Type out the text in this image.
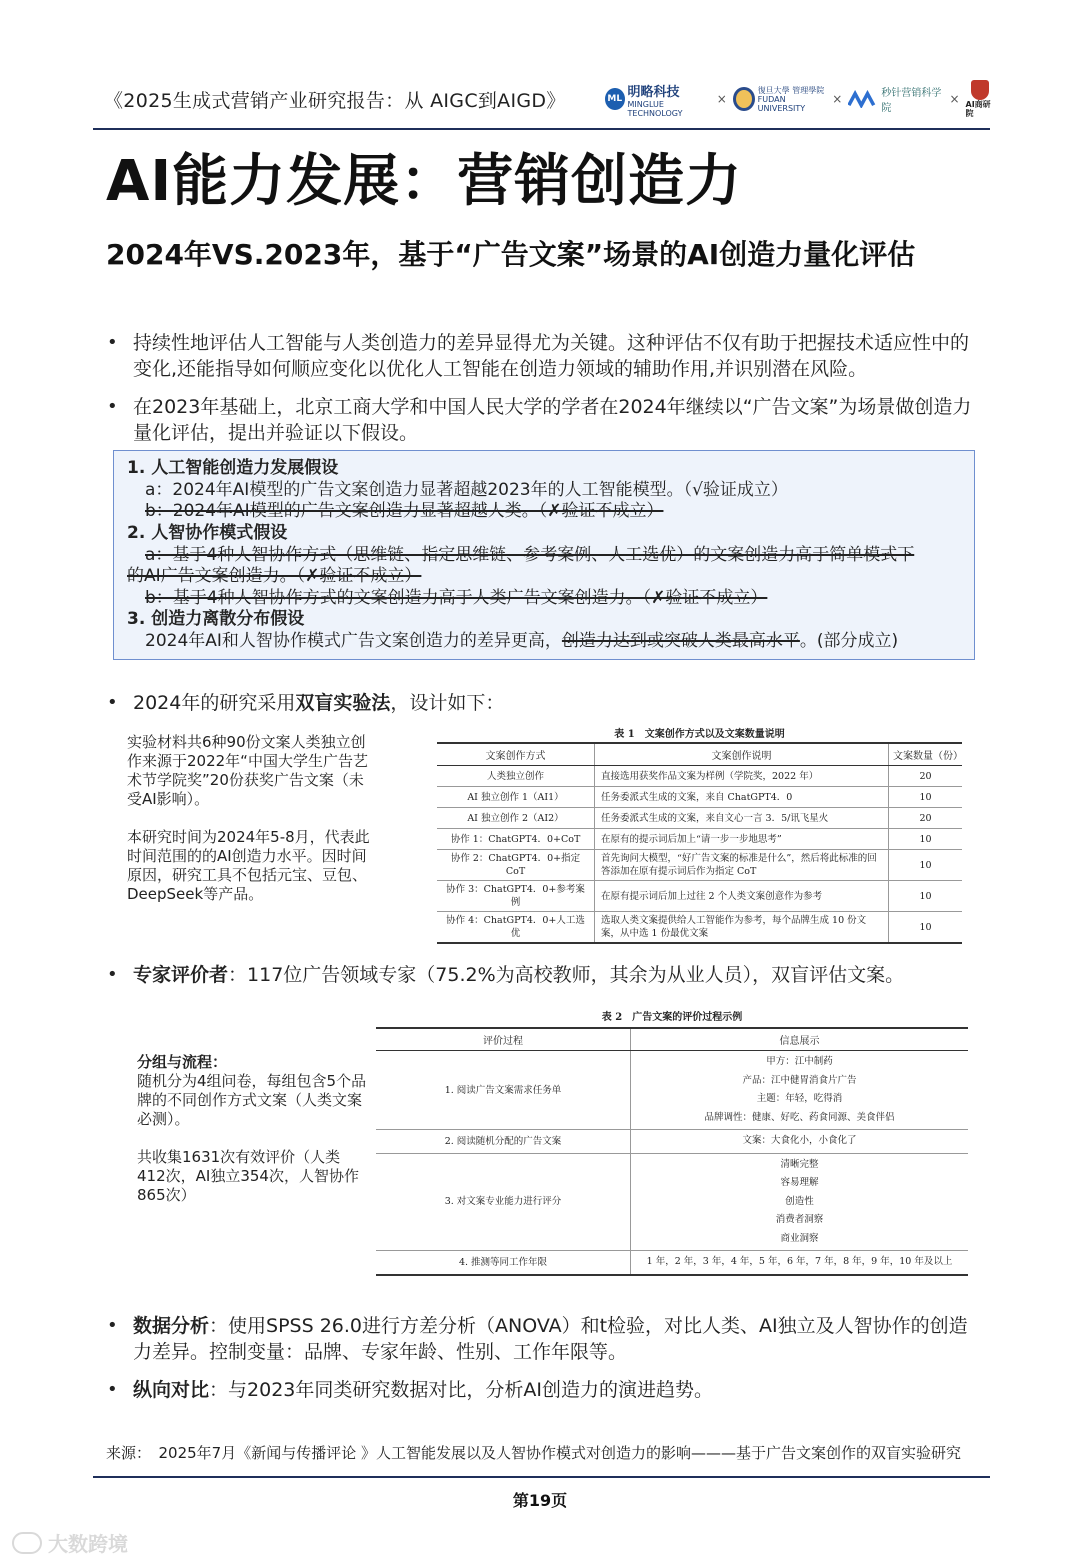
《2025生成式营销产业研究报告：从 AIGC到AIGD》	ML 明略科技
MINGLUE TECHNOLOGY
×
復旦大學 管理學院
FUDAN UNIVERSITY
×	秒针营销科学院
× AI商研院
AI能力发展：营销创造力
2024年VS.2023年，基于“广告文案”场景的AI创造力量化评估
• 持续性地评估人工智能与人类创造力的差异显得尤为关键。这种评估不仅有助于把握技术适应性中的变化,还能指导如何顺应变化以优化人工智能在创造力领域的辅助作用,并识别潜在风险。
• 在2023年基础上，北京工商大学和中国人民大学的学者在2024年继续以“广告文案”为场景做创造力量化评估，提出并验证以下假设。
1. 人工智能创造力发展假设
a：2024年AI模型的广告文案创造力显著超越2023年的人工智能模型。（√验证成立）
b：2024年AI模型的广告文案创造力显著超越人类。（✗验证不成立）
2. 人智协作模式假设
a：基于4种人智协作方式（思维链、指定思维链、参考案例、人工选优）的文案创造力高于简单模式下
的AI广告文案创造力。（✗验证不成立）
b：基于4种人智协作方式的文案创造力高于人类广告文案创造力。（✗验证不成立）
3. 创造力离散分布假设
2024年AI和人智协作模式广告文案创造力的差异更高，创造力达到或突破人类最高水平。(部分成立)
• 2024年的研究采用双盲实验法，设计如下：
实验材料共6种90份文案人类独立创作来源于2022年“中国大学生广告艺术节学院奖”20份获奖广告文案（未受AI影响）。
本研究时间为2024年5-8月，代表此时间范围的的AI创造力水平。因时间原因，研究工具不包括元宝、豆包、DeepSeek等产品。
表 1　文案创作方式以及文案数量说明
文案创作方式	文案创作说明	文案数量（份）
人类独立创作	直接选用获奖作品文案为样例（学院奖，2022 年）	20
AI 独立创作 1（AI1）	任务委派式生成的文案，来自 ChatGPT4．0	10
AI 独立创作 2（AI2）	任务委派式生成的文案，来自文心一言 3．5/讯飞星火	20
协作 1：ChatGPT4．0+CoT	在原有的提示词后加上“请一步一步地思考”	10
协作 2：ChatGPT4．0+指定 CoT	首先询问大模型，“好广告文案的标准是什么”，然后将此标准的回答添加在原有提示词后作为指定 CoT	10
协作 3：ChatGPT4．0+参考案例	在原有提示词后加上过往 2 个人类文案创意作为参考	10
协作 4：ChatGPT4．0+人工选优	选取人类文案提供给人工智能作为参考，每个品牌生成 10 份文案，从中选 1 份最优文案	10
• 专家评价者：117位广告领域专家（75.2%为高校教师，其余为从业人员），双盲评估文案。
分组与流程：
随机分为4组问卷，每组包含5个品牌的不同创作方式文案（人类文案必测）。
共收集1631次有效评价（人类412次，AI独立354次，人智协作865次）
表 2　广告文案的评价过程示例
评价过程	信息展示
1. 阅读广告文案需求任务单	甲方：江中制药
产品：江中健胃消食片广告
主题：年轻，吃得消
品牌调性：健康、好吃、药食同源、美食伴侣

2. 阅读随机分配的广告文案	文案：大食化小，小食化了

3. 对文案专业能力进行评分	清晰完整
容易理解
创造性
消费者洞察
商业洞察

4. 推测等同工作年限	1 年，2 年，3 年，4 年，5 年，6 年，7 年，8 年，9 年，10 年及以上
• 数据分析：使用SPSS 26.0进行方差分析（ANOVA）和t检验，对比人类、AI独立及人智协作的创造力差异。控制变量：品牌、专家年龄、性别、工作年限等。
• 纵向对比：与2023年同类研究数据对比，分析AI创造力的演进趋势。
来源：　2025年7月《新闻与传播评论 》人工智能发展以及人智协作模式对创造力的影响———基于广告文案创作的双盲实验研究
第19页
大数跨境
